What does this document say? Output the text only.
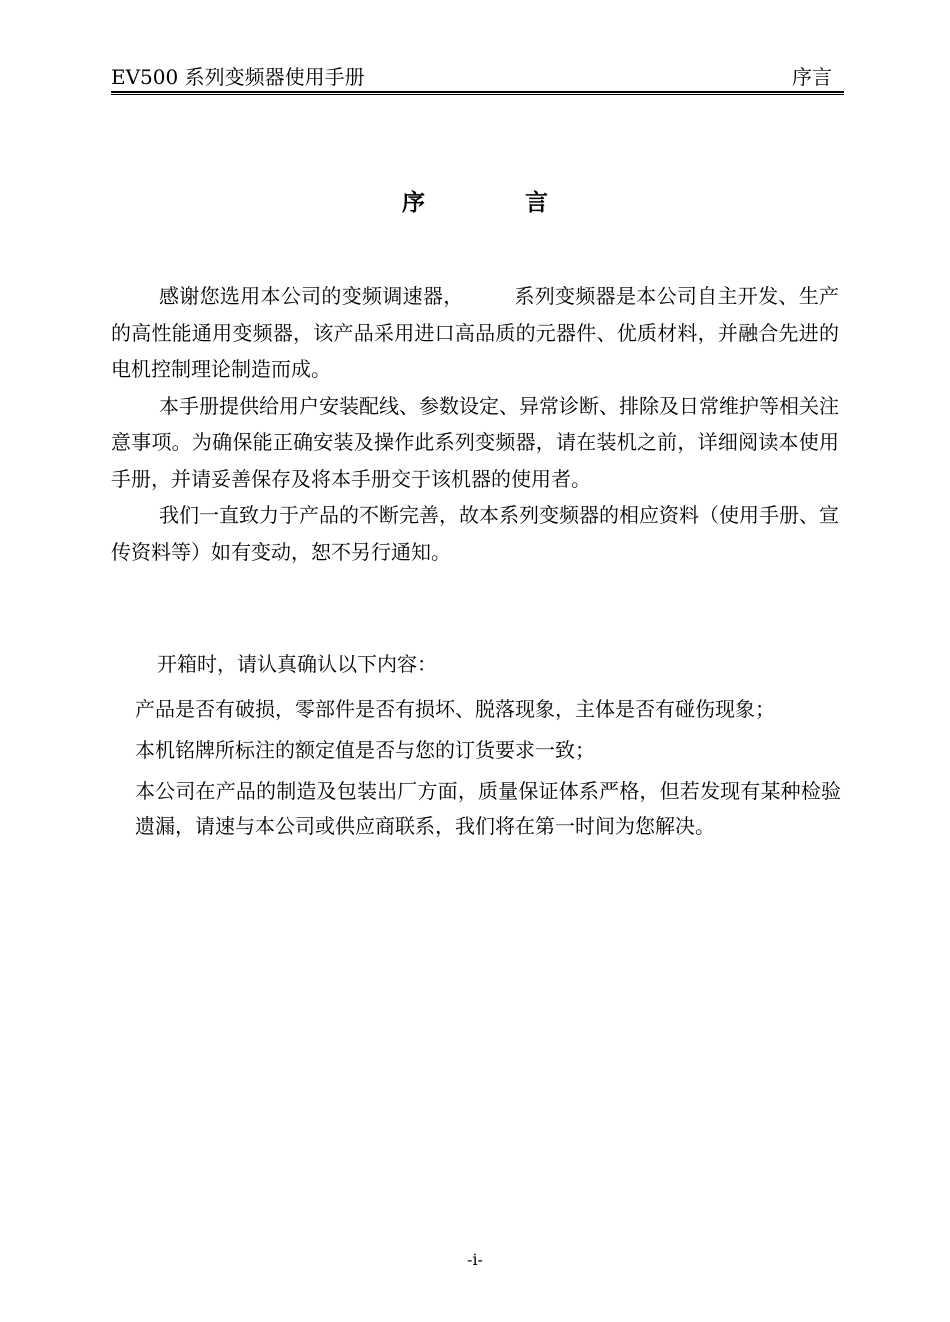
EV500 系列变频器使用手册	序言
序 言

感谢您选用本公司的变频调速器，　　　系列变频器是本公司自主开发、生产的高性能通用变频器，该产品采用进口高品质的元器件、优质材料，并融合先进的电机控制理论制造而成。

本手册提供给用户安装配线、参数设定、异常诊断、排除及日常维护等相关注意事项。为确保能正确安装及操作此系列变频器，请在装机之前，详细阅读本使用手册，并请妥善保存及将本手册交于该机器的使用者。

我们一直致力于产品的不断完善，故本系列变频器的相应资料（使用手册、宣传资料等）如有变动，恕不另行通知。

开箱时，请认真确认以下内容：
产品是否有破损，零部件是否有损坏、脱落现象，主体是否有碰伤现象；
本机铭牌所标注的额定值是否与您的订货要求一致；
本公司在产品的制造及包装出厂方面，质量保证体系严格，但若发现有某种检验遗漏，请速与本公司或供应商联系，我们将在第一时间为您解决。
-i-
